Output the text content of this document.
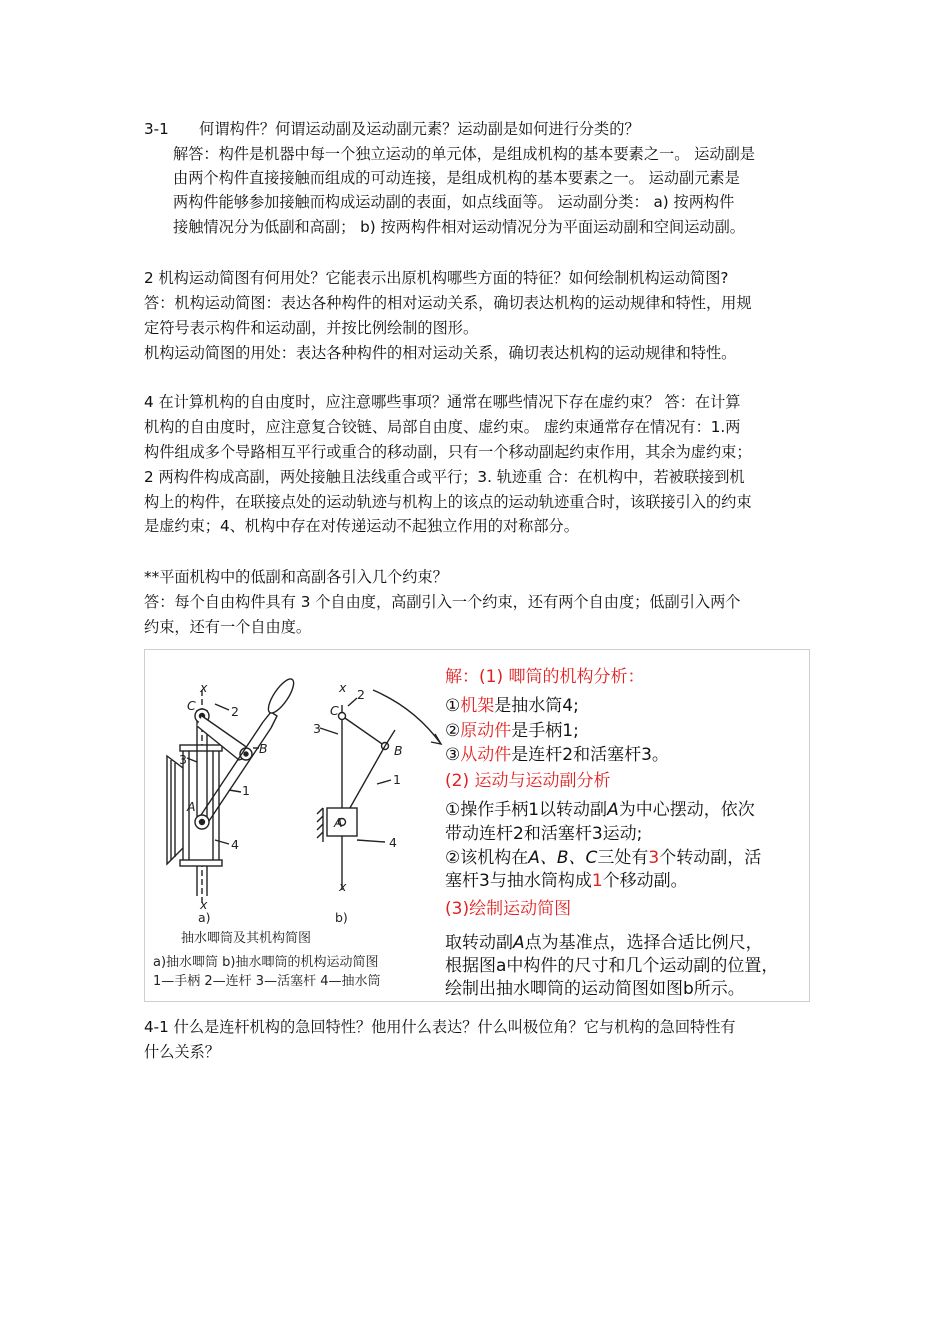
3-1　　何谓构件？何谓运动副及运动副元素？运动副是如何进行分类的？
解答：构件是机器中每一个独立运动的单元体，是组成机构的基本要素之一。 运动副是
由两个构件直接接触而组成的可动连接，是组成机构的基本要素之一。 运动副元素是
两构件能够参加接触而构成运动副的表面，如点线面等。 运动副分类： a) 按两构件
接触情况分为低副和高副； b) 按两构件相对运动情况分为平面运动副和空间运动副。
2 机构运动简图有何用处？它能表示出原机构哪些方面的特征？如何绘制机构运动简图?
答：机构运动简图：表达各种构件的相对运动关系，确切表达机构的运动规律和特性，用规
定符号表示构件和运动副，并按比例绘制的图形。
机构运动简图的用处：表达各种构件的相对运动关系，确切表达机构的运动规律和特性。
4 在计算机构的自由度时，应注意哪些事项？通常在哪些情况下存在虚约束？ 答：在计算
机构的自由度时，应注意复合铰链、局部自由度、虚约束。 虚约束通常存在情况有：1.两
构件组成多个导路相互平行或重合的移动副，只有一个移动副起约束作用，其余为虚约束；
2 两构件构成高副，两处接触且法线重合或平行；3. 轨迹重 合：在机构中，若被联接到机
构上的构件，在联接点处的运动轨迹与机构上的该点的运动轨迹重合时，该联接引入的约束
是虚约束；4、机构中存在对传递运动不起独立作用的对称部分。
**平面机构中的低副和高副各引入几个约束？
答：每个自由构件具有 3 个自由度，高副引入一个约束，还有两个自由度；低副引入两个
约束，还有一个自由度。
x
C	2
3
B
A
1
4
x
a)
x
C
2
3
B
1
A
4
x
b)
抽水唧筒及其机构简图
a)抽水唧筒 b)抽水唧筒的机构运动简图
1—手柄 2—连杆 3—活塞杆 4—抽水筒
解：(1) 唧筒的机构分析：
①机架是抽水筒4;
②原动件是手柄1;
③从动件是连杆2和活塞杆3。
(2) 运动与运动副分析
①操作手柄1以转动副A为中心摆动，依次
带动连杆2和活塞杆3运动;
②该机构在A、B、C三处有3个转动副，活
塞杆3与抽水筒构成1个移动副。
(3)绘制运动简图
取转动副A点为基准点，选择合适比例尺，
根据图a中构件的尺寸和几个运动副的位置，
绘制出抽水唧筒的运动简图如图b所示。
4-1 什么是连杆机构的急回特性？他用什么表达？什么叫极位角？它与机构的急回特性有
什么关系？
